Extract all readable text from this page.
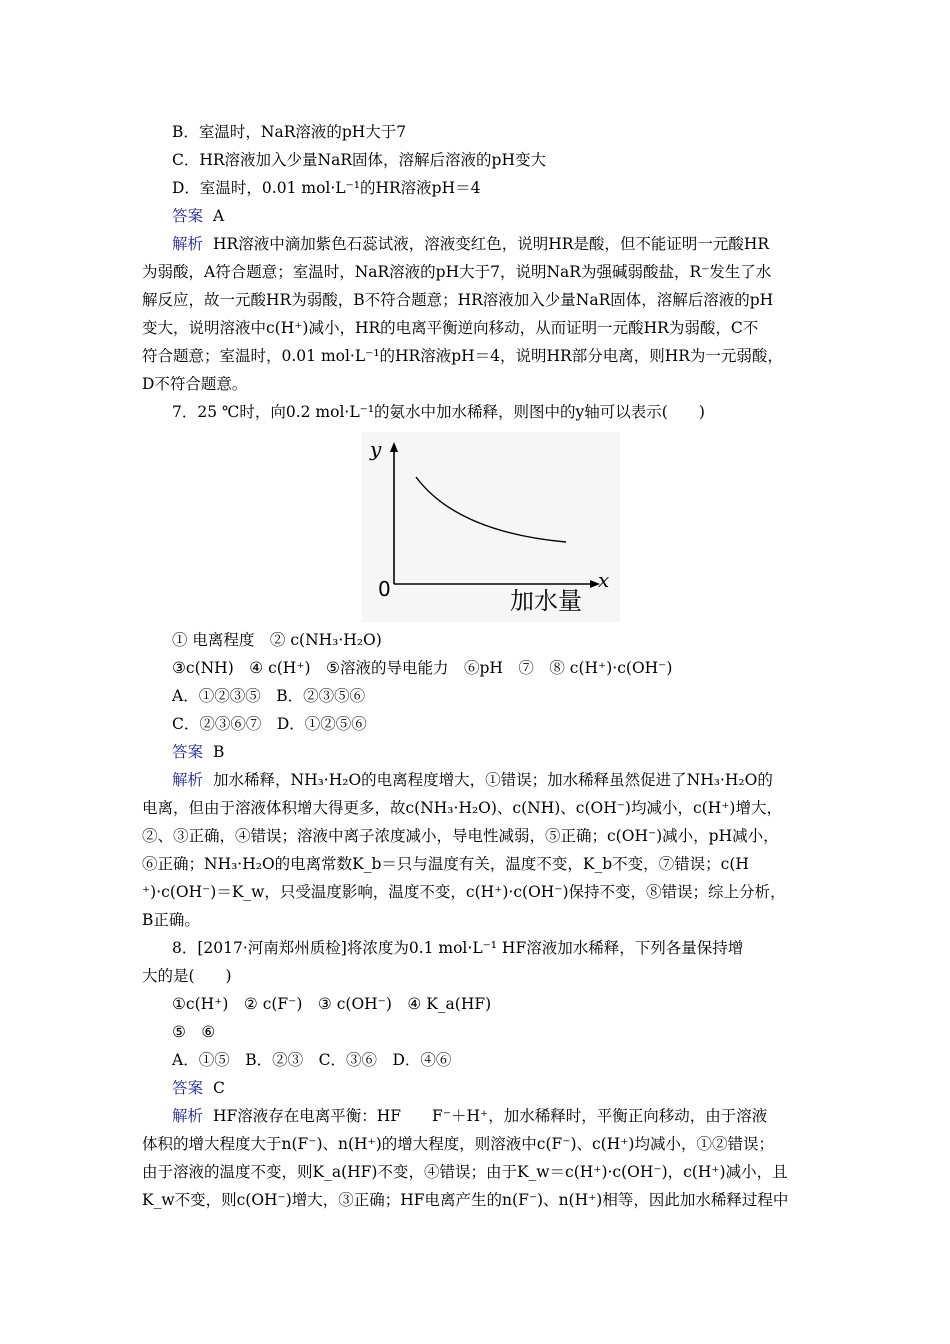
B．室温时，NaR溶液的pH大于7
C．HR溶液加入少量NaR固体，溶解后溶液的pH变大
D．室温时，0.01 mol·L⁻¹的HR溶液pH＝4
答案 A
解析 HR溶液中滴加紫色石蕊试液，溶液变红色，说明HR是酸，但不能证明一元酸HR
为弱酸，A符合题意；室温时，NaR溶液的pH大于7，说明NaR为强碱弱酸盐，R⁻发生了水
解反应，故一元酸HR为弱酸，B不符合题意；HR溶液加入少量NaR固体，溶解后溶液的pH
变大，说明溶液中c(H⁺)减小，HR的电离平衡逆向移动，从而证明一元酸HR为弱酸，C不
符合题意；室温时，0.01 mol·L⁻¹的HR溶液pH＝4，说明HR部分电离，则HR为一元弱酸，
D不符合题意。
7．25 ℃时，向0.2 mol·L⁻¹的氨水中加水稀释，则图中的y轴可以表示(　　)
y
x
0	加水量
① 电离程度　② c(NH₃·H₂O)
③c(NH)　④ c(H⁺)　⑤溶液的导电能力　⑥pH　⑦　⑧ c(H⁺)·c(OH⁻)
A．①②③⑤　B．②③⑤⑥
C．②③⑥⑦　D．①②⑤⑥
答案 B
解析 加水稀释，NH₃·H₂O的电离程度增大，①错误；加水稀释虽然促进了NH₃·H₂O的
电离，但由于溶液体积增大得更多，故c(NH₃·H₂O)、c(NH)、c(OH⁻)均减小，c(H⁺)增大，
②、③正确，④错误；溶液中离子浓度减小，导电性减弱，⑤正确；c(OH⁻)减小，pH减小，
⑥正确；NH₃·H₂O的电离常数K_b＝只与温度有关，温度不变，K_b不变，⑦错误；c(H
⁺)·c(OH⁻)＝K_w，只受温度影响，温度不变，c(H⁺)·c(OH⁻)保持不变，⑧错误；综上分析，
B正确。
8．[2017·河南郑州质检]将浓度为0.1 mol·L⁻¹ HF溶液加水稀释，下列各量保持增
大的是(　　)
①c(H⁺)　② c(F⁻)　③ c(OH⁻)　④ K_a(HF)
⑤　⑥
A．①⑤　B．②③　C．③⑥　D．④⑥
答案 C
解析 HF溶液存在电离平衡：HF　　F⁻＋H⁺，加水稀释时，平衡正向移动，由于溶液
体积的增大程度大于n(F⁻)、n(H⁺)的增大程度，则溶液中c(F⁻)、c(H⁺)均减小，①②错误；
由于溶液的温度不变，则K_a(HF)不变，④错误；由于K_w＝c(H⁺)·c(OH⁻)，c(H⁺)减小，且
K_w不变，则c(OH⁻)增大，③正确；HF电离产生的n(F⁻)、n(H⁺)相等，因此加水稀释过程中
